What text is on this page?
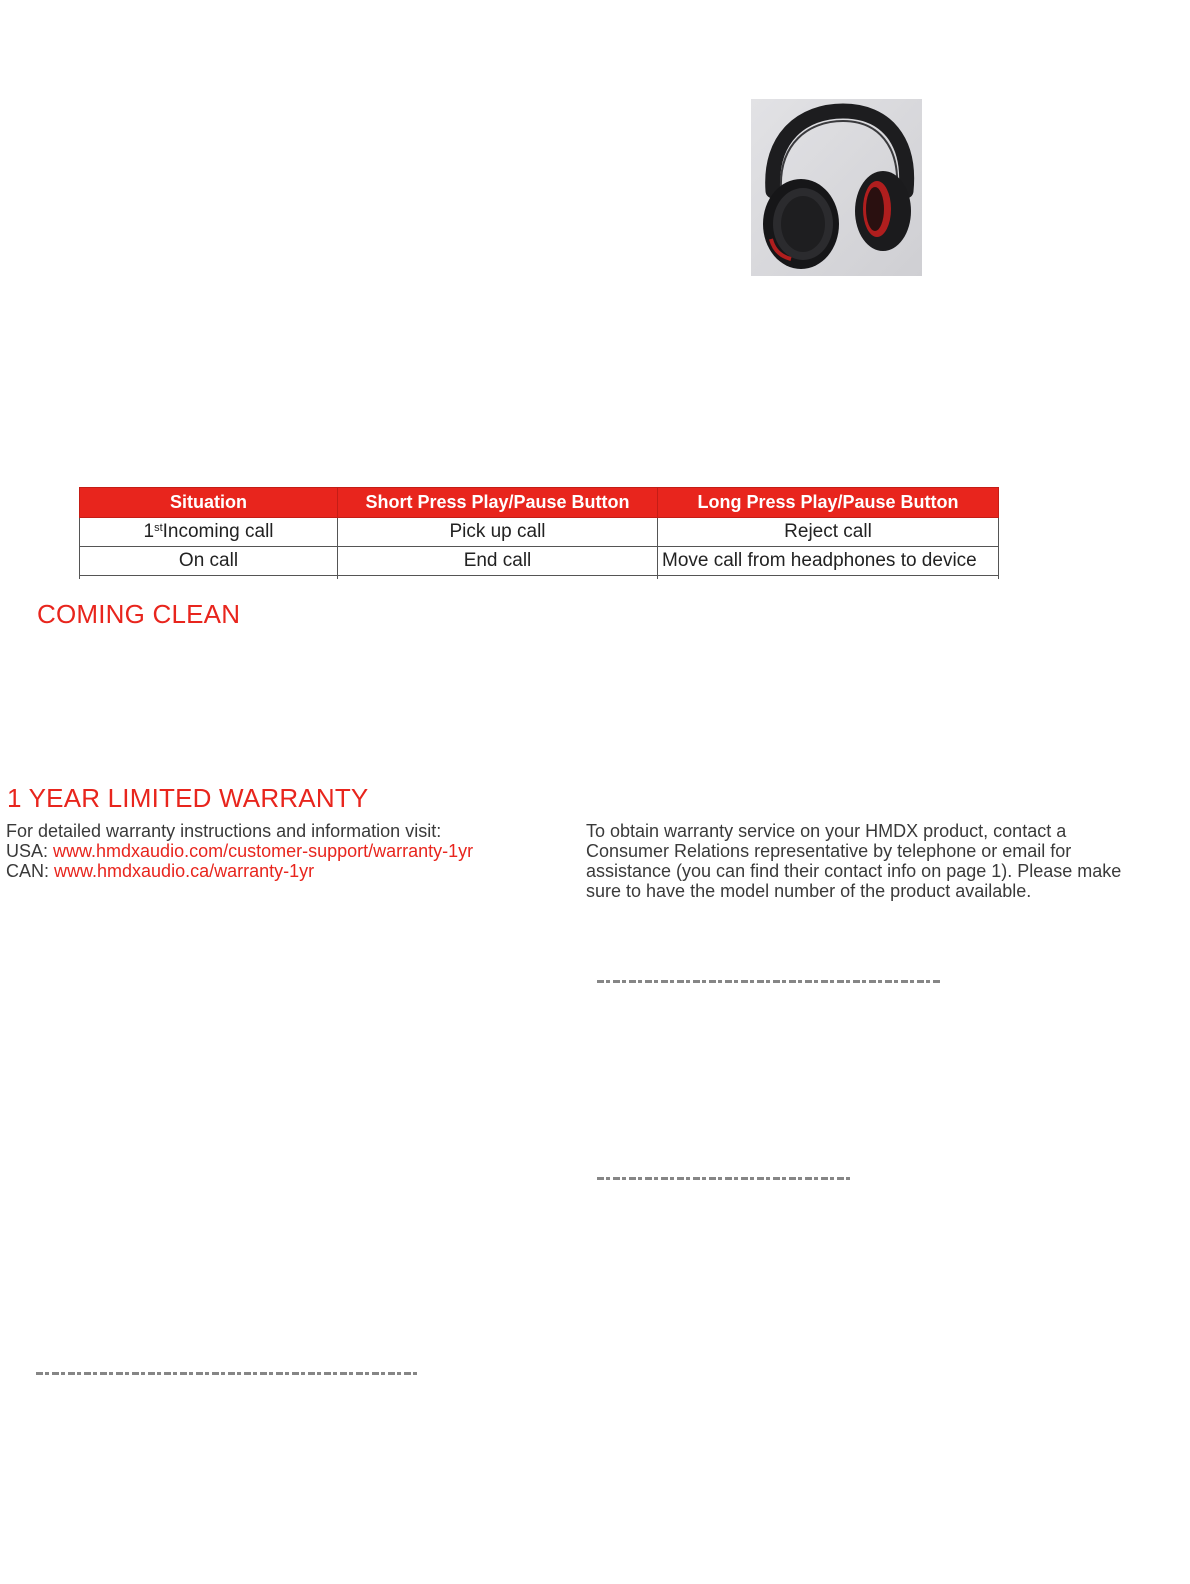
Situation	Short Press Play/Pause Button	Long Press Play/Pause Button
1stIncoming call	Pick up call	Reject call
On call	End call	Move call from headphones to device

COMING CLEAN
1 YEAR LIMITED WARRANTY
For detailed warranty instructions and information visit:
USA: www.hmdxaudio.com/customer-support/warranty-1yr
CAN: www.hmdxaudio.ca/warranty-1yr
To obtain warranty service on your HMDX product, contact a Consumer Relations representative by telephone or email for assistance (you can find their contact info on page 1). Please make sure to have the model number of the product available.
